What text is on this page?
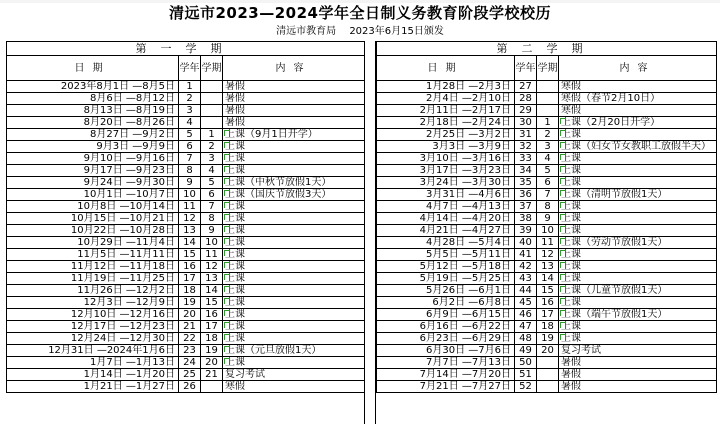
清远市2023—2024学年全日制义务教育阶段学校校历
清远市教育局 2023年6月15日颁发
第一学期			
日期	学年	学期	内容
2023年8月1日 —8月5日	1		暑假
8月6日 —8月12日	2		暑假
8月13日 —8月19日	3		暑假
8月20日 —8月26日	4		暑假
8月27日 —9月2日	5	1	上课（9月1日开学）
9月3日 —9月9日	6	2	上课
9月10日 —9月16日	7	3	上课
9月17日 —9月23日	8	4	上课
9月24日 —9月30日	9	5	上课（中秋节放假1天）
10月1日 —10月7日	10	6	上课（国庆节放假3天）
10月8日 —10月14日	11	7	上课
10月15日 —10月21日	12	8	上课
10月22日 —10月28日	13	9	上课
10月29日 —11月4日	14	10	上课
11月5日 —11月11日	15	11	上课
11月12日 —11月18日	16	12	上课
11月19日 —11月25日	17	13	上课
11月26日 —12月2日	18	14	上课
12月3日 —12月9日	19	15	上课
12月10日 —12月16日	20	16	上课
12月17日 —12月23日	21	17	上课
12月24日 —12月30日	22	18	上课
12月31日 —2024年1月6日	23	19	上课（元旦放假1天）
1月7日 —1月13日	24	20	上课
1月14日 —1月20日	25	21	复习考试
1月21日 —1月27日	26		寒假
第二学期			
日期	学年	学期	内容
1月28日 —2月3日	27		寒假
2月4日 —2月10日	28		寒假（春节2月10日）
2月11日 —2月17日	29		寒假
2月18日 —2月24日	30	1	上课（2月20日开学）
2月25日 —3月2日	31	2	上课
3月3日 —3月9日	32	3	上课（妇女节女教职工放假半天）
3月10日 —3月16日	33	4	上课
3月17日 —3月23日	34	5	上课
3月24日 —3月30日	35	6	上课
3月31日 —4月6日	36	7	上课（清明节放假1天）
4月7日 —4月13日	37	8	上课
4月14日 —4月20日	38	9	上课
4月21日 —4月27日	39	10	上课
4月28日 —5月4日	40	11	上课（劳动节放假1天）
5月5日 —5月11日	41	12	上课
5月12日 —5月18日	42	13	上课
5月19日 —5月25日	43	14	上课
5月26日 —6月1日	44	15	上课（儿童节放假1天）
6月2日 —6月8日	45	16	上课
6月9日 —6月15日	46	17	上课（端午节放假1天）
6月16日 —6月22日	47	18	上课
6月23日 —6月29日	48	19	上课
6月30日 —7月6日	49	20	复习考试
7月7日 —7月13日	50		暑假
7月14日 —7月20日	51		暑假
7月21日 —7月27日	52		暑假
